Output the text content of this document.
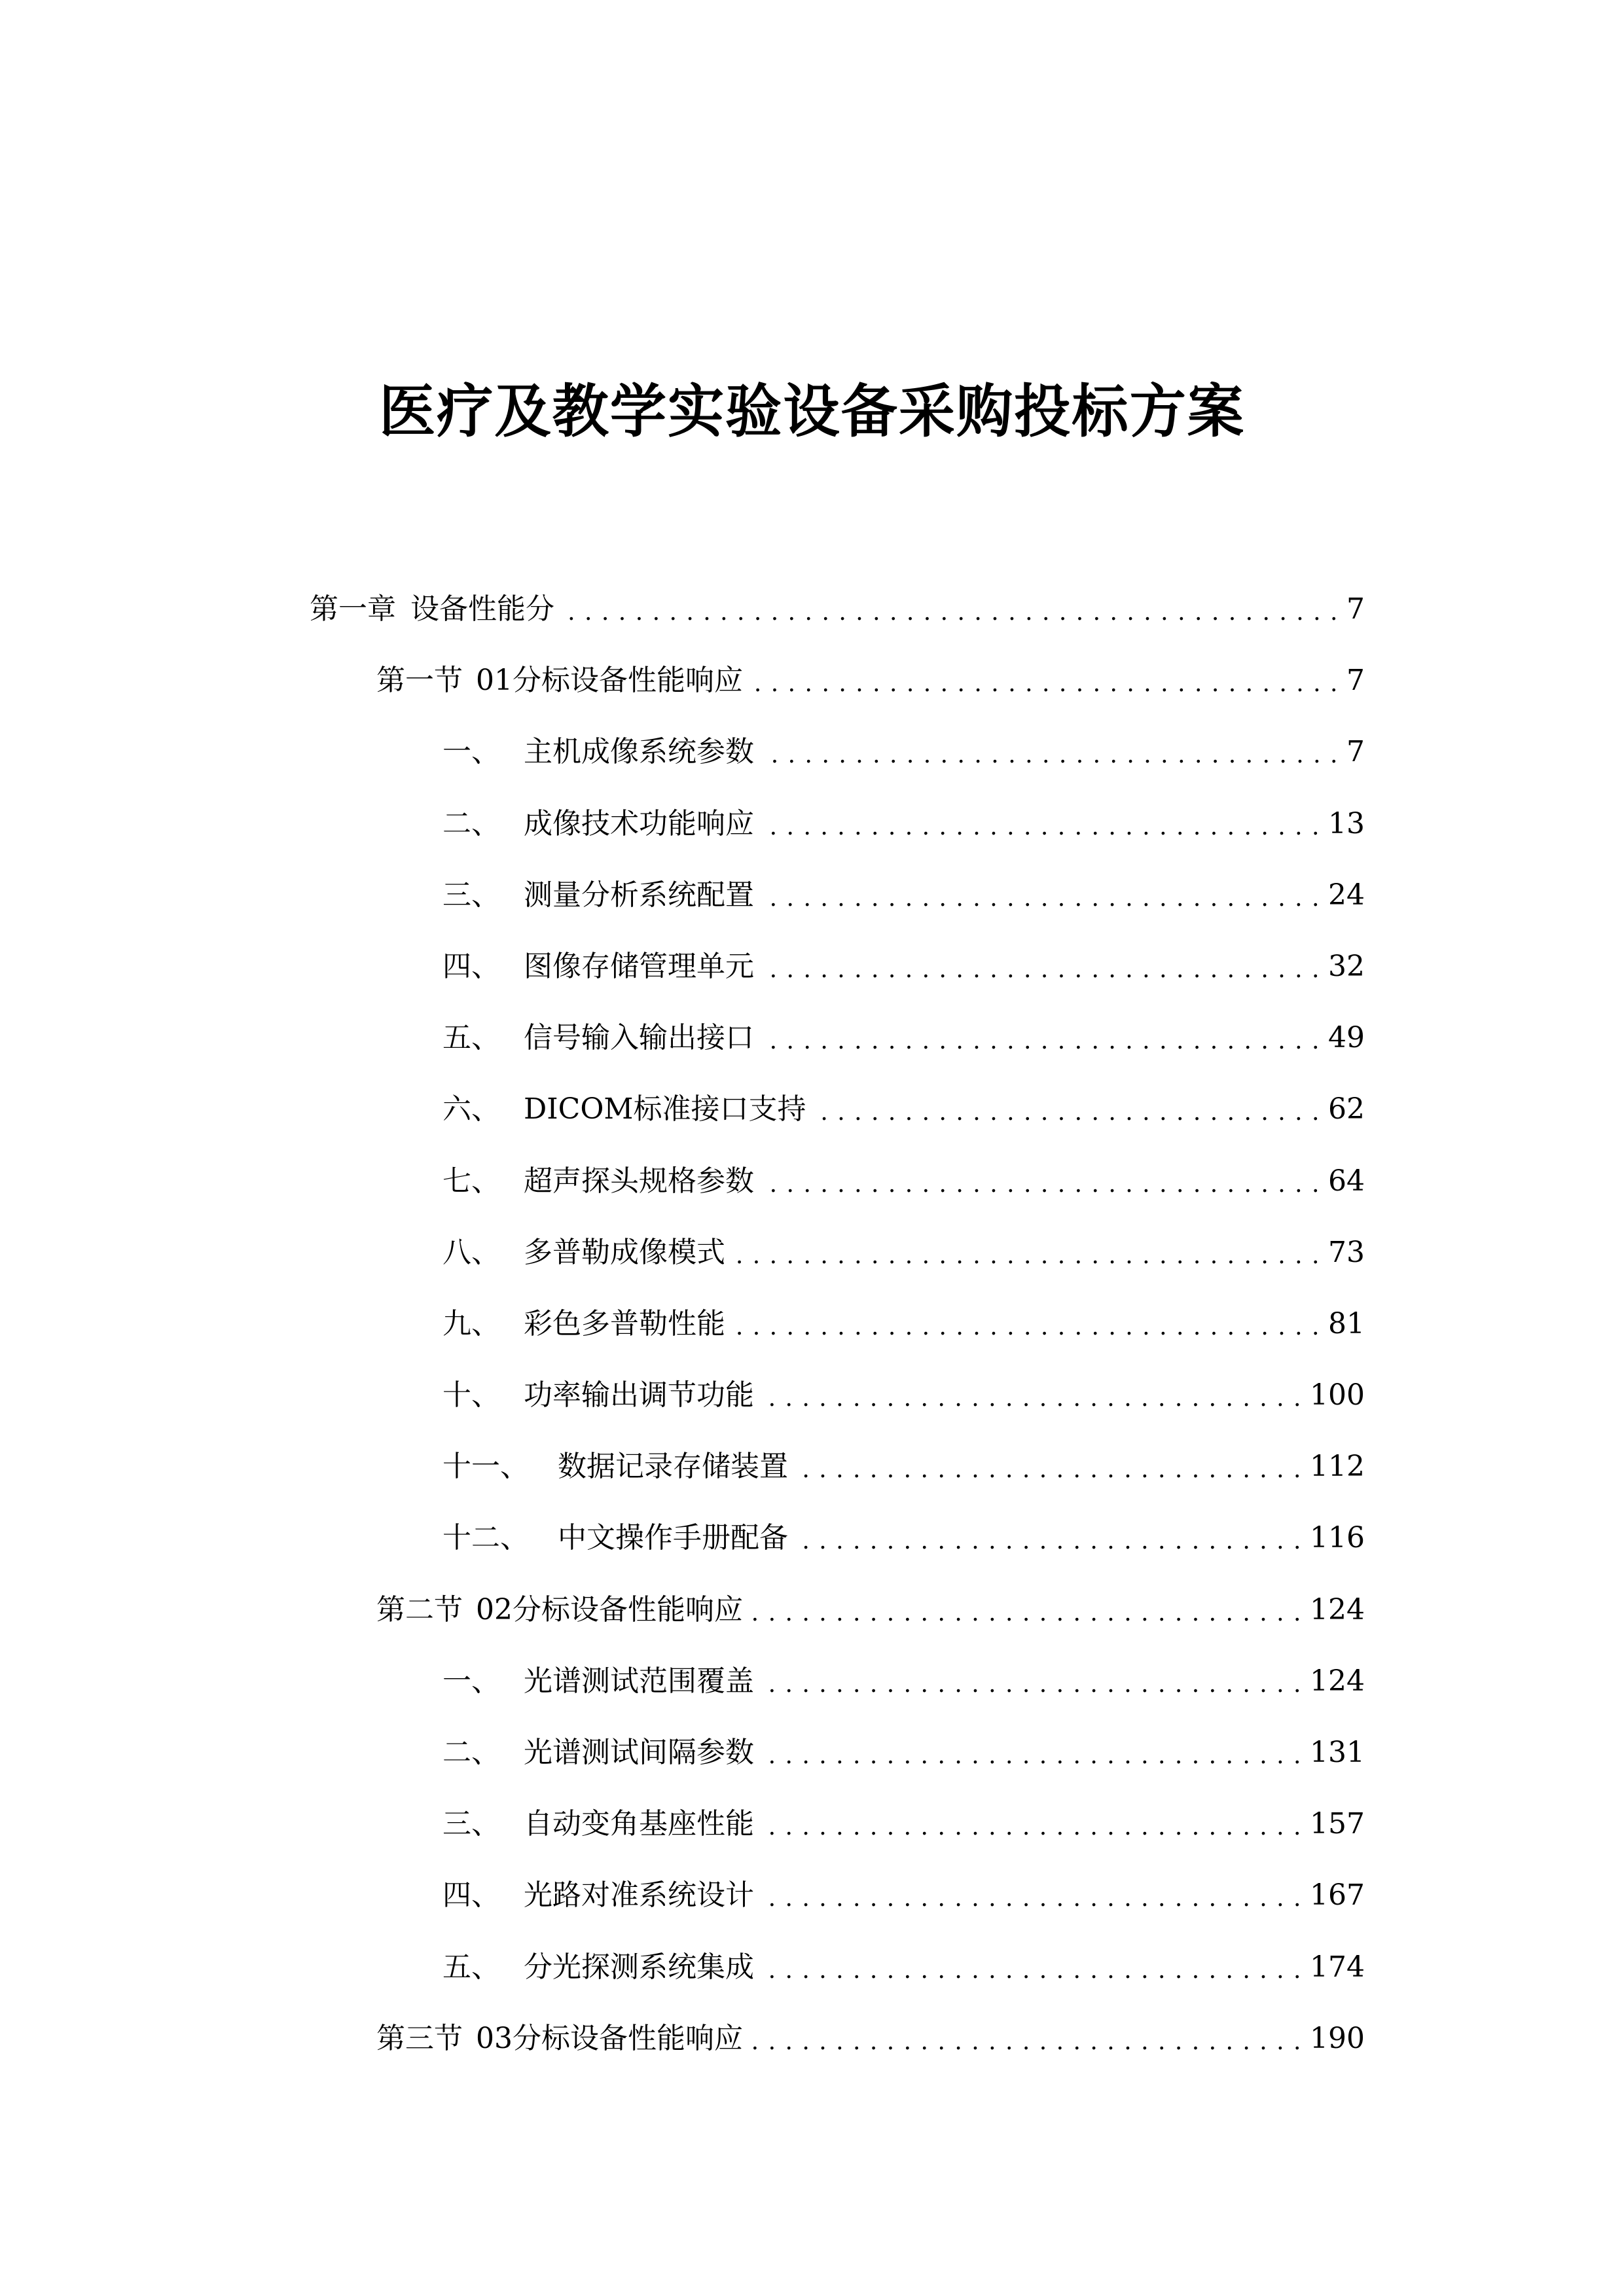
医疗及教学实验设备采购投标方案
第一章 设备性能分 . . .	7
第一节 01分标设备性能响应 . . .	7
一、 主机成像系统参数 . . .	7
二、 成像技术功能响应 . . .	13
三、 测量分析系统配置 . . .	24
四、 图像存储管理单元 . . .	32
五、 信号输入输出接口 . . .	49
六、 DICOM标准接口支持 . . .	62
七、 超声探头规格参数 . . .	64
八、 多普勒成像模式 . . .	73
九、 彩色多普勒性能 . . .	81
十、 功率输出调节功能 . . .	100
十一、	数据记录存储装置 . . .	112
十二、	中文操作手册配备 . . .	116
第二节 02分标设备性能响应 . . .	124
一、 光谱测试范围覆盖 . . .	124
二、 光谱测试间隔参数 . . .	131
三、 自动变角基座性能 . . .	157
四、 光路对准系统设计 . . .	167
五、 分光探测系统集成 . . .	174
第三节 03分标设备性能响应 . . .	190
